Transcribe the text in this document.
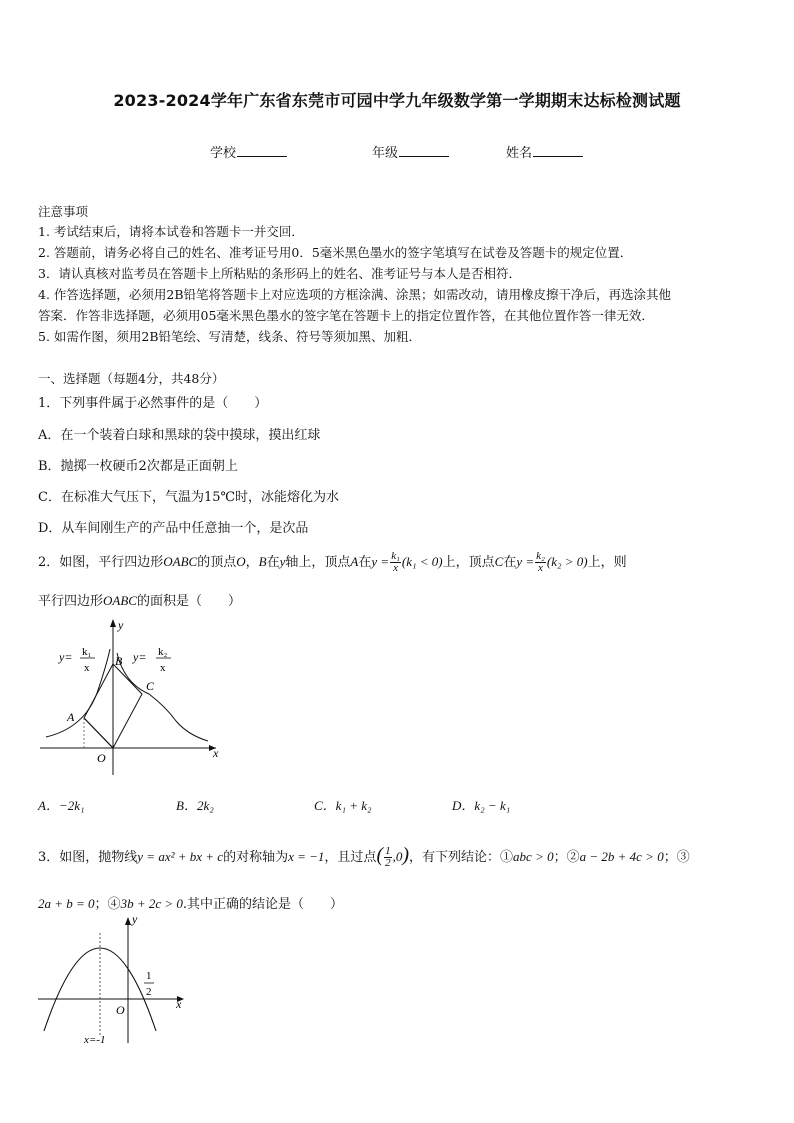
2023-2024学年广东省东莞市可园中学九年级数学第一学期期末达标检测试题
学校	年级	姓名
注意事项
1. 考试结束后，请将本试卷和答题卡一并交回．
2. 答题前，请务必将自己的姓名、准考证号用0．5毫米黑色墨水的签字笔填写在试卷及答题卡的规定位置．
3．请认真核对监考员在答题卡上所粘贴的条形码上的姓名、准考证号与本人是否相符．
4. 作答选择题，必须用2B铅笔将答题卡上对应选项的方框涂满、涂黑；如需改动，请用橡皮擦干净后，再选涂其他
答案．作答非选择题，必须用05毫米黑色墨水的签字笔在答题卡上的指定位置作答，在其他位置作答一律无效．
5. 如需作图，须用2B铅笔绘、写清楚，线条、符号等须加黑、加粗．
一、选择题（每题4分，共48分）
1．下列事件属于必然事件的是（　　）
A．在一个装着白球和黑球的袋中摸球，摸出红球
B．抛掷一枚硬币2次都是正面朝上
C．在标准大气压下，气温为15℃时，冰能熔化为水
D．从车间刚生产的产品中任意抽一个，是次品
2．如图，平行四边形OABC的顶点O，B在y轴上，顶点A在$y = \frac{\text{k₁}}{x} (k_1 < 0)$上，顶点C在$y = \frac{\text{k₂}}{x} (k_2 > 0)$上，则
平行四边形OABC的面积是（　　）
y
x
O
A
B
C
y= k₁
x
y= k₂
x
A．−2k₁	B．2k₂	C．k₁ + k₂	D．k₂ − k₁
3．如图，抛物线y = ax² + bx + c的对称轴为x = −1，且过点( $\frac{1}{2} ,0$)，有下列结论：①abc > 0；②a − 2b + 4c > 0；③
2a + b = 0；④3b + 2c > 0.其中正确的结论是（　　）
y
x
O
1
2
x=-1
